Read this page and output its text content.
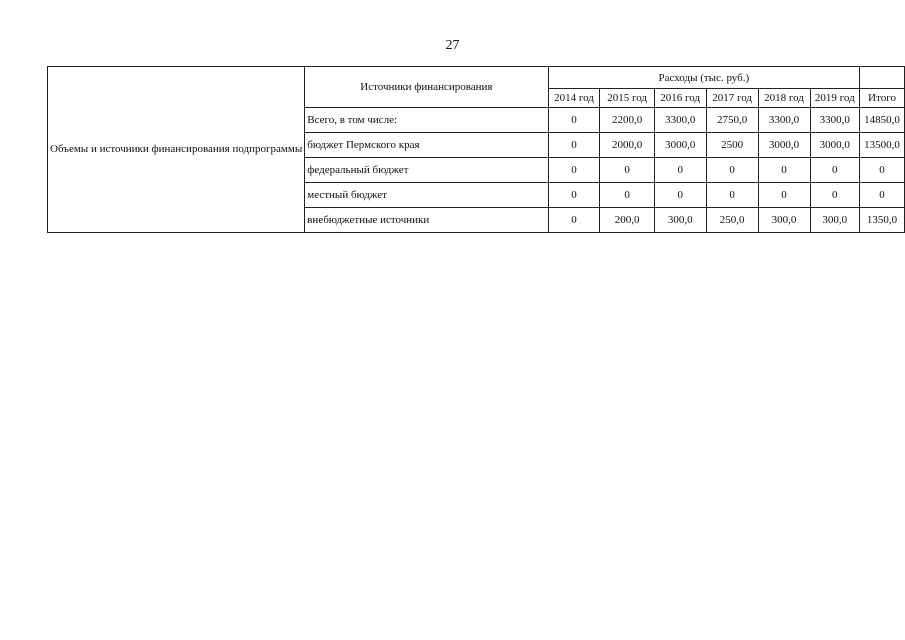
27
Объемы и источники финансирования подпрограммы	Источники финансирования	Расходы (тыс. руб.)						
		2014 год	2015 год	2016 год	2017 год	2018 год	2019 год	Итого
	Всего, в том числе:	0	2200,0	3300,0	2750,0	3300,0	3300,0	14850,0
	бюджет Пермского края	0	2000,0	3000,0	2500	3000,0	3000,0	13500,0
	федеральный бюджет	0	0	0	0	0	0	0
	местный бюджет	0	0	0	0	0	0	0
	внебюджетные источники	0	200,0	300,0	250,0	300,0	300,0	1350,0
